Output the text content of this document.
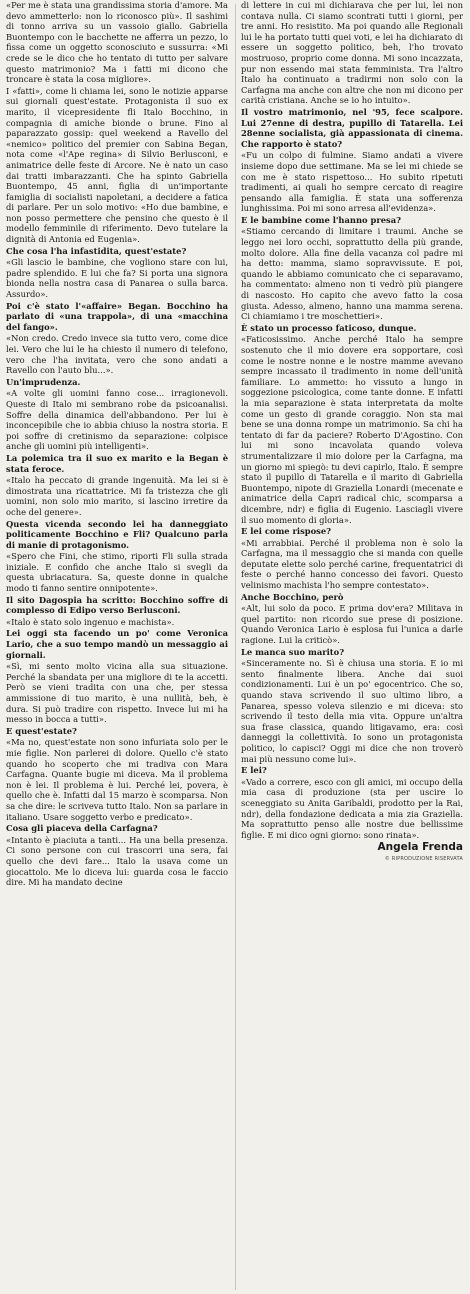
«Per me è stata una grandissima storia d'amore. Ma devo ammetterlo: non lo riconosco più». Il sashimi di tonno arriva su un vassoio giallo. Gabriella Buontempo con le bacchette ne afferra un pezzo, lo fissa come un oggetto sconosciuto e sussurra: «Mi crede se le dico che ho tentato di tutto per salvare questo matrimonio? Ma i fatti mi dicono che troncare è stata la cosa migliore».

I «fatti», come li chiama lei, sono le notizie apparse sui giornali quest'estate. Protagonista il suo ex marito, il vicepresidente fli Italo Bocchino, in compagnia di amiche bionde o brune. Fino al paparazzato gossip: quel weekend a Ravello del «nemico» politico del premier con Sabina Began, nota come «l'Ape regina» di Silvio Berlusconi, e animatrice delle feste di Arcore. Ne è nato un caso dai tratti imbarazzanti. Che ha spinto Gabriella Buontempo, 45 anni, figlia di un'importante famiglia di socialisti napoletani, a decidere a fatica di parlare. Per un solo motivo: «Ho due bambine, e non posso permettere che pensino che questo è il modello femminile di riferimento. Devo tutelare la dignità di Antonia ed Eugenia».

Che cosa l'ha infastidita, quest'estate?

«Gli lascio le bambine, che vogliono stare con lui, padre splendido. E lui che fa? Si porta una signora bionda nella nostra casa di Panarea o sulla barca. Assurdo».

Poi c'è stato l'«affaire» Began. Bocchino ha parlato di «una trappola», di una «macchina del fango».

«Non credo. Credo invece sia tutto vero, come dice lei. Vero che lui le ha chiesto il numero di telefono, vero che l'ha invitata, vero che sono andati a Ravello con l'auto blu...».

Un'imprudenza.

«A volte gli uomini fanno cose... irragionevoli. Queste di Italo mi sembrano robe da psicoanalisi. Soffre della dinamica dell'abbandono. Per lui è inconcepibile che io abbia chiuso la nostra storia. E poi soffre di cretinismo da separazione: colpisce anche gli uomini più intelligenti».

La polemica tra il suo ex marito e la Began è stata feroce.

«Italo ha peccato di grande ingenuità. Ma lei si è dimostrata una ricattatrice. Mi fa tristezza che gli uomini, non solo mio marito, si lascino irretire da oche del genere».

Questa vicenda secondo lei ha danneggiato politicamente Bocchino e Fli? Qualcuno parla di manie di protagonismo.

«Spero che Fini, che stimo, riporti Fli sulla strada iniziale. E confido che anche Italo si svegli da questa ubriacatura. Sa, queste donne in qualche modo ti fanno sentire onnipotente».

Il sito Dagospia ha scritto: Bocchino soffre di complesso di Edipo verso Berlusconi.

«Italo è stato solo ingenuo e machista».

Lei oggi sta facendo un po' come Veronica Lario, che a suo tempo mandò un messaggio ai giornali.

«Sì, mi sento molto vicina alla sua situazione. Perché la sbandata per una migliore di te la accetti. Però se vieni tradita con una che, per stessa ammissione di tuo marito, è una nullità, beh, è dura. Si può tradire con rispetto. Invece lui mi ha messo in bocca a tutti».

E quest'estate?

«Ma no, quest'estate non sono infuriata solo per le mie figlie. Non parlerei di dolore. Quello c'è stato quando ho scoperto che mi tradiva con Mara Carfagna. Quante bugie mi diceva. Ma il problema non è lei. Il problema è lui. Perché lei, povera, è quello che è. Infatti dal 15 marzo è scomparsa. Non sa che dire: le scriveva tutto Italo. Non sa parlare in italiano. Usare soggetto verbo e predicato».

Cosa gli piaceva della Carfagna?

«Intanto è piaciuta a tanti... Ha una bella presenza. Ci sono persone con cui trascorri una sera, fai quello che devi fare... Italo la usava come un giocattolo. Me lo diceva lui: guarda cosa le faccio dire. Mi ha mandato decine

di lettere in cui mi dichiarava che per lui, lei non contava nulla. Ci siamo scontrati tutti i giorni, per tre anni. Ho resistito. Ma poi quando alle Regionali lui le ha portato tutti quei voti, e lei ha dichiarato di essere un soggetto politico, beh, l'ho trovato mostruoso, proprio come donna. Mi sono incazzata, pur non essendo mai stata femminista. Tra l'altro Italo ha continuato a tradirmi non solo con la Carfagna ma anche con altre che non mi dicono per carità cristiana. Anche se io ho intuito».

Il vostro matrimonio, nel '95, fece scalpore. Lui 27enne di destra, pupillo di Tatarella. Lei 28enne socialista, già appassionata di cinema. Che rapporto è stato?

«Fu un colpo di fulmine. Siamo andati a vivere insieme dopo due settimane. Ma se lei mi chiede se con me è stato rispettoso... Ho subito ripetuti tradimenti, ai quali ho sempre cercato di reagire pensando alla famiglia. È stata una sofferenza lunghissima. Poi mi sono arresa all'evidenza».

E le bambine come l'hanno presa?

«Stiamo cercando di limitare i traumi. Anche se leggo nei loro occhi, soprattutto della più grande, molto dolore. Alla fine della vacanza col padre mi ha detto: mamma, siamo sopravvissute. E poi, quando le abbiamo comunicato che ci separavamo, ha commentato: almeno non ti vedrò più piangere di nascosto. Ho capito che avevo fatto la cosa giusta. Adesso, almeno, hanno una mamma serena. Ci chiamiamo i tre moschettieri».

È stato un processo faticoso, dunque.

«Faticosissimo. Anche perché Italo ha sempre sostenuto che il mio dovere era sopportare, così come le nostre nonne e le nostre mamme avevano sempre incassato il tradimento in nome dell'unità familiare. Lo ammetto: ho vissuto a lungo in soggezione psicologica, come tante donne. E infatti la mia separazione è stata interpretata da molte come un gesto di grande coraggio. Non sta mai bene se una donna rompe un matrimonio. Sa chi ha tentato di far da paciere? Roberto D'Agostino. Con lui mi sono incavolata quando voleva strumentalizzare il mio dolore per la Carfagna, ma un giorno mi spiegò: tu devi capirlo, Italo. È sempre stato il pupillo di Tatarella e il marito di Gabriella Buontempo, nipote di Graziella Lonardi (mecenate e animatrice della Capri radical chic, scomparsa a dicembre, ndr) e figlia di Eugenio. Lasciagli vivere il suo momento di gloria».

E lei come rispose?

«Mi arrabbiai. Perché il problema non è solo la Carfagna, ma il messaggio che si manda con quelle deputate elette solo perché carine, frequentatrici di feste o perché hanno concesso dei favori. Questo velinismo machista l'ho sempre contestato».

Anche Bocchino, però

«Alt, lui solo da poco. E prima dov'era? Militava in quel partito: non ricordo sue prese di posizione. Quando Veronica Lario è esplosa fui l'unica a darle ragione. Lui la criticò».

Le manca suo marito?

«Sinceramente no. Sì è chiusa una storia. E io mi sento finalmente libera. Anche dai suoi condizionamenti. Lui è un po' egocentrico. Che so, quando stava scrivendo il suo ultimo libro, a Panarea, spesso voleva silenzio e mi diceva: sto scrivendo il testo della mia vita. Oppure un'altra sua frase classica, quando litigavamo, era: così danneggi la collettività. Io sono un protagonista politico, lo capisci? Oggi mi dice che non troverò mai più nessuno come lui».

E lei?

«Vado a correre, esco con gli amici, mi occupo della mia casa di produzione (sta per uscire lo sceneggiato su Anita Garibaldi, prodotto per la Rai, ndr), della fondazione dedicata a mia zia Graziella. Ma soprattutto penso alle nostre due bellissime figlie. E mi dico ogni giorno: sono rinata».

Angela Frenda
© RIPRODUZIONE RISERVATA
